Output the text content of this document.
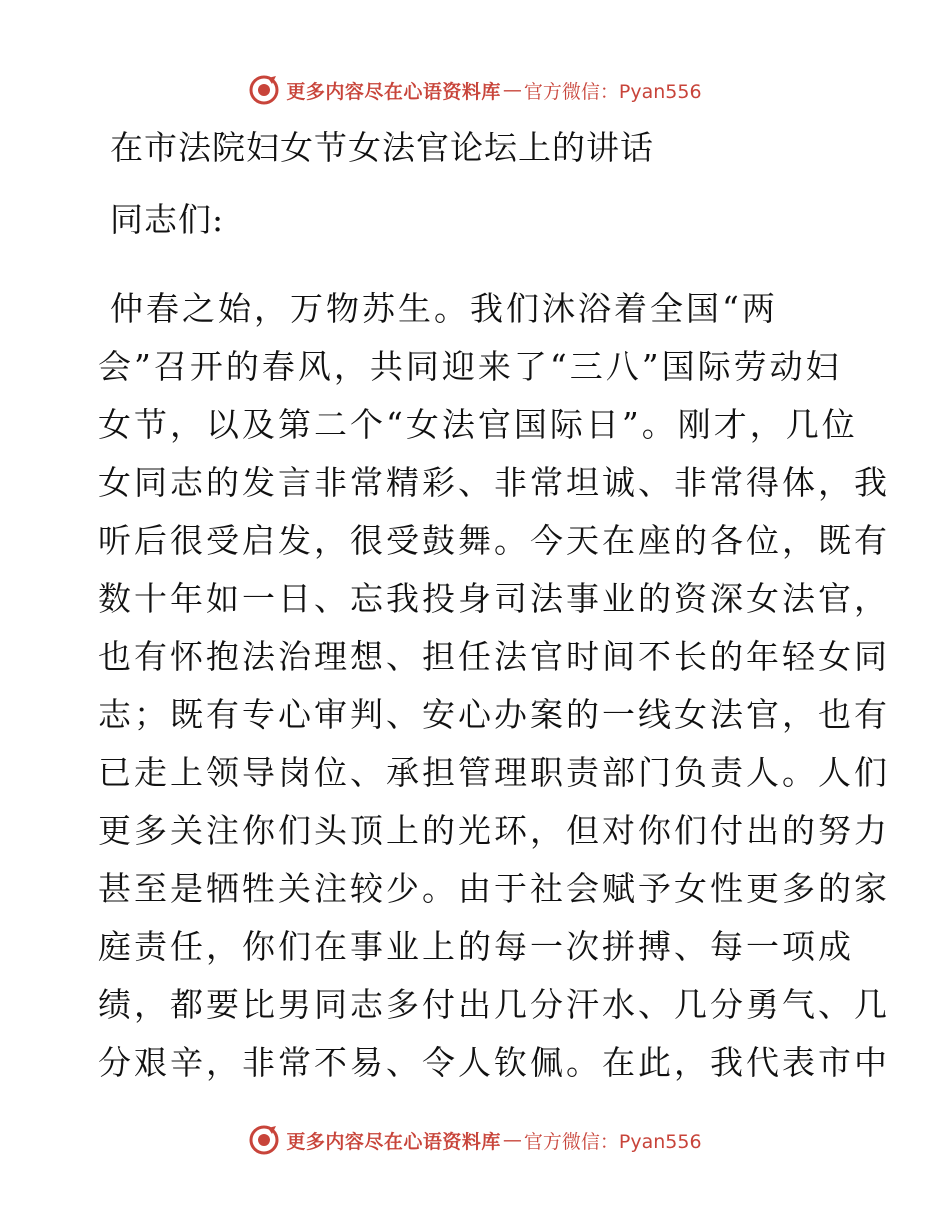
更多内容尽在心语资料库 — 官方微信：Pyan556
在市法院妇女节女法官论坛上的讲话
同志们:
仲春之始，万物苏生。我们沐浴着全国“两
会”召开的春风，共同迎来了“三八”国际劳动妇
女节，以及第二个“女法官国际日”。刚才，几位
女同志的发言非常精彩、非常坦诚、非常得体，我
听后很受启发，很受鼓舞。今天在座的各位，既有
数十年如一日、忘我投身司法事业的资深女法官，
也有怀抱法治理想、担任法官时间不长的年轻女同
志；既有专心审判、安心办案的一线女法官，也有
已走上领导岗位、承担管理职责部门负责人。人们
更多关注你们头顶上的光环，但对你们付出的努力
甚至是牺牲关注较少。由于社会赋予女性更多的家
庭责任，你们在事业上的每一次拼搏、每一项成
绩，都要比男同志多付出几分汗水、几分勇气、几
分艰辛，非常不易、令人钦佩。在此，我代表市中
更多内容尽在心语资料库 — 官方微信：Pyan556
